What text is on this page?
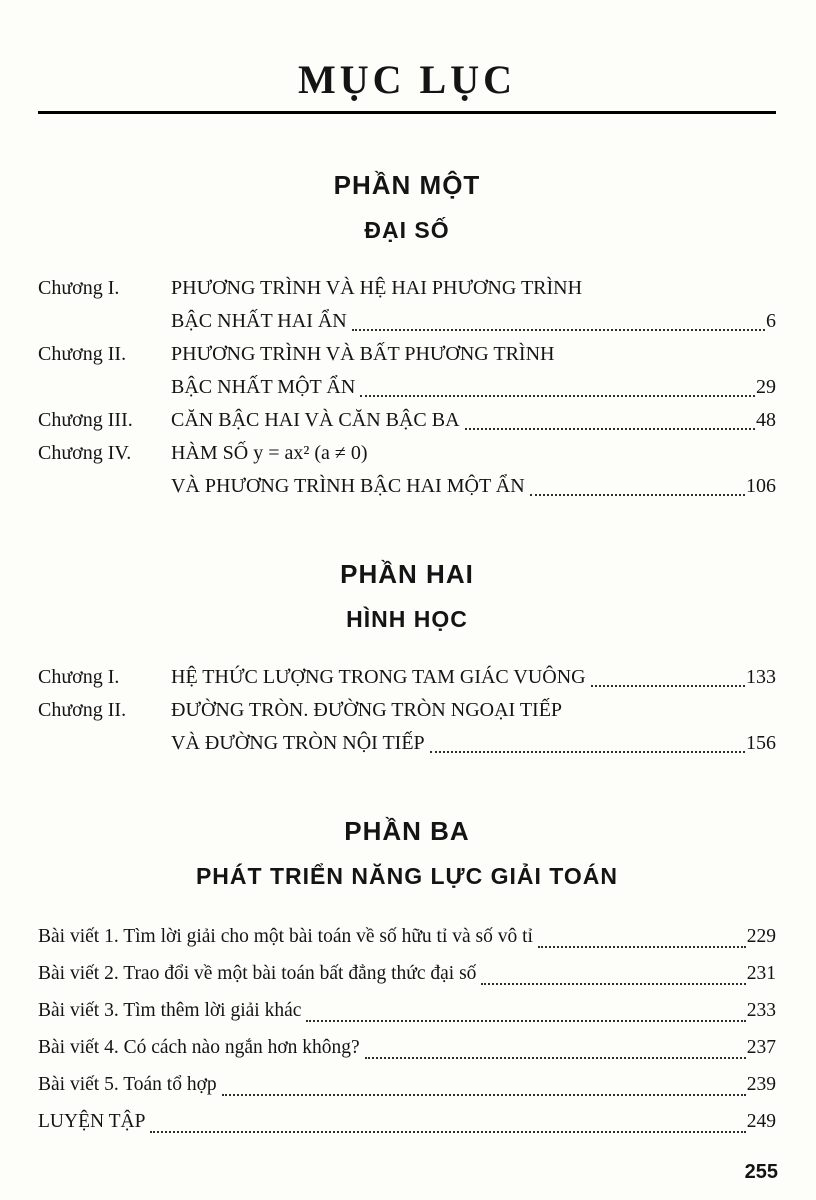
MỤC LỤC
PHẦN MỘT
ĐẠI SỐ
Chương I.	PHƯƠNG TRÌNH VÀ HỆ HAI PHƯƠNG TRÌNH
BẬC NHẤT HAI ẨN	6
Chương II.	PHƯƠNG TRÌNH VÀ BẤT PHƯƠNG TRÌNH
BẬC NHẤT MỘT ẨN	29
Chương III.	CĂN BẬC HAI VÀ CĂN BẬC BA	48
Chương IV.	HÀM SỐ y = ax² (a ≠ 0)
VÀ PHƯƠNG TRÌNH BẬC HAI MỘT ẨN	106
PHẦN HAI
HÌNH HỌC
Chương I.	HỆ THỨC LƯỢNG TRONG TAM GIÁC VUÔNG	133
Chương II.	ĐƯỜNG TRÒN. ĐƯỜNG TRÒN NGOẠI TIẾP
VÀ ĐƯỜNG TRÒN NỘI TIẾP	156
PHẦN BA
PHÁT TRIỂN NĂNG LỰC GIẢI TOÁN
Bài viết 1. Tìm lời giải cho một bài toán về số hữu tỉ và số vô tỉ	229
Bài viết 2. Trao đổi về một bài toán bất đẳng thức đại số	231
Bài viết 3. Tìm thêm lời giải khác	233
Bài viết 4. Có cách nào ngắn hơn không?	237
Bài viết 5. Toán tổ hợp	239
LUYỆN TẬP	249
255
